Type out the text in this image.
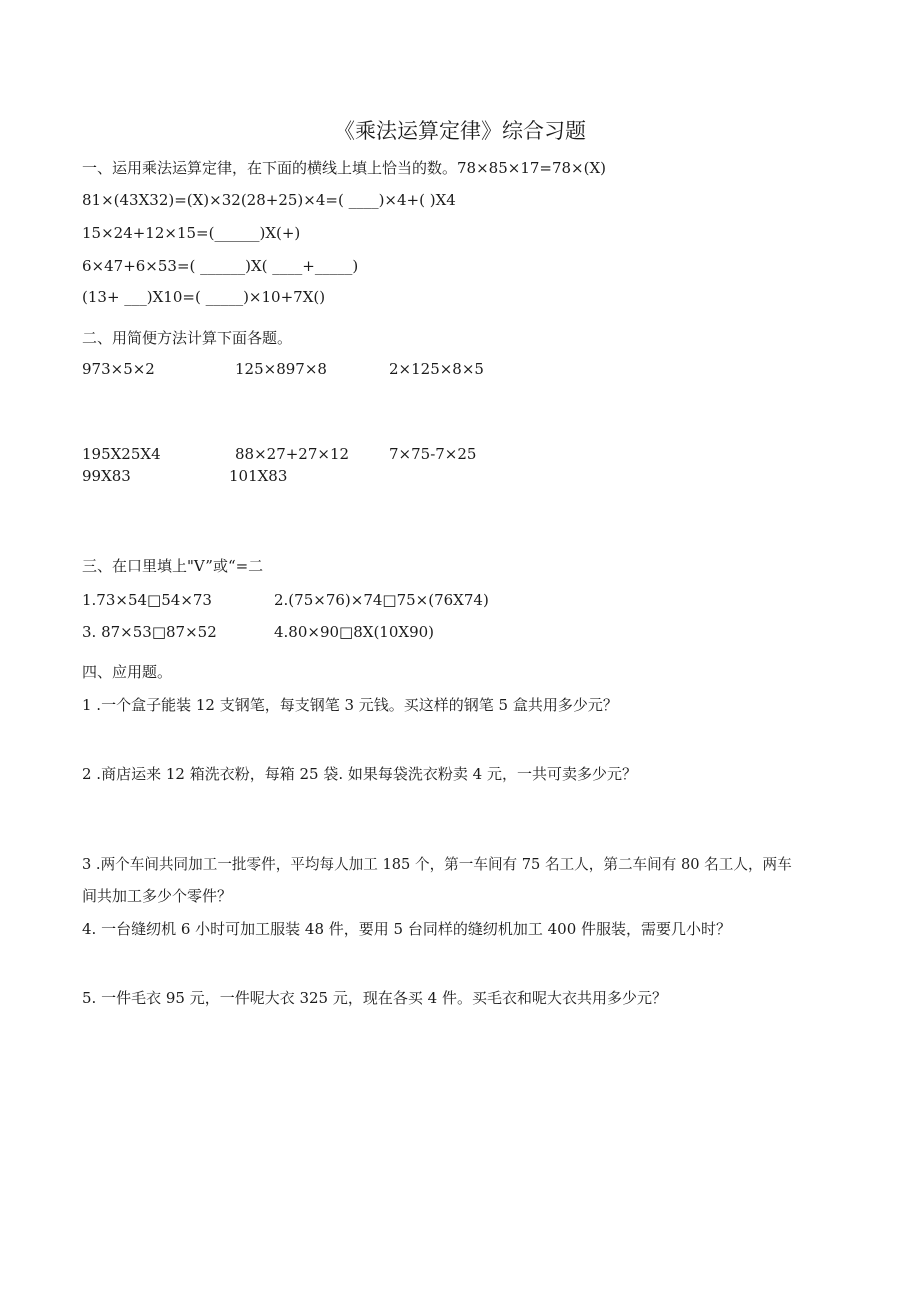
《乘法运算定律》综合习题
一、运用乘法运算定律，在下面的横线上填上恰当的数。78×85×17=78×(X)
81×(43X32)=(X)×32(28+25)×4=( ____)×4+( )X4
15×24+12×15=(______)X(+)
6×47+6×53=( ______)X( ____+_____)
(13+ ___)X10=( _____)×10+7X()
二、用简便方法计算下面各题。
973×5×2	125×897×8	2×125×8×5
195X25X4	88×27+27×12	7×75-7×25
99X83	101X83
三、在口里填上"V”或“=二
1.73×54□54×73	2.(75×76)×74□75×(76X74)
3. 87×53□87×52	4.80×90□8X(10X90)
四、应用题。
1 .一个盒子能装 12 支钢笔，每支钢笔 3 元钱。买这样的钢笔 5 盒共用多少元？
2 .商店运来 12 箱洗衣粉，每箱 25 袋. 如果每袋洗衣粉卖 4 元，一共可卖多少元？
3 .两个车间共同加工一批零件，平均每人加工 185 个，第一车间有 75 名工人，第二车间有 80 名工人，两车
间共加工多少个零件？
4. 一台缝纫机 6 小时可加工服装 48 件，要用 5 台同样的缝纫机加工 400 件服装，需要几小时？
5. 一件毛衣 95 元，一件呢大衣 325 元，现在各买 4 件。买毛衣和呢大衣共用多少元？
